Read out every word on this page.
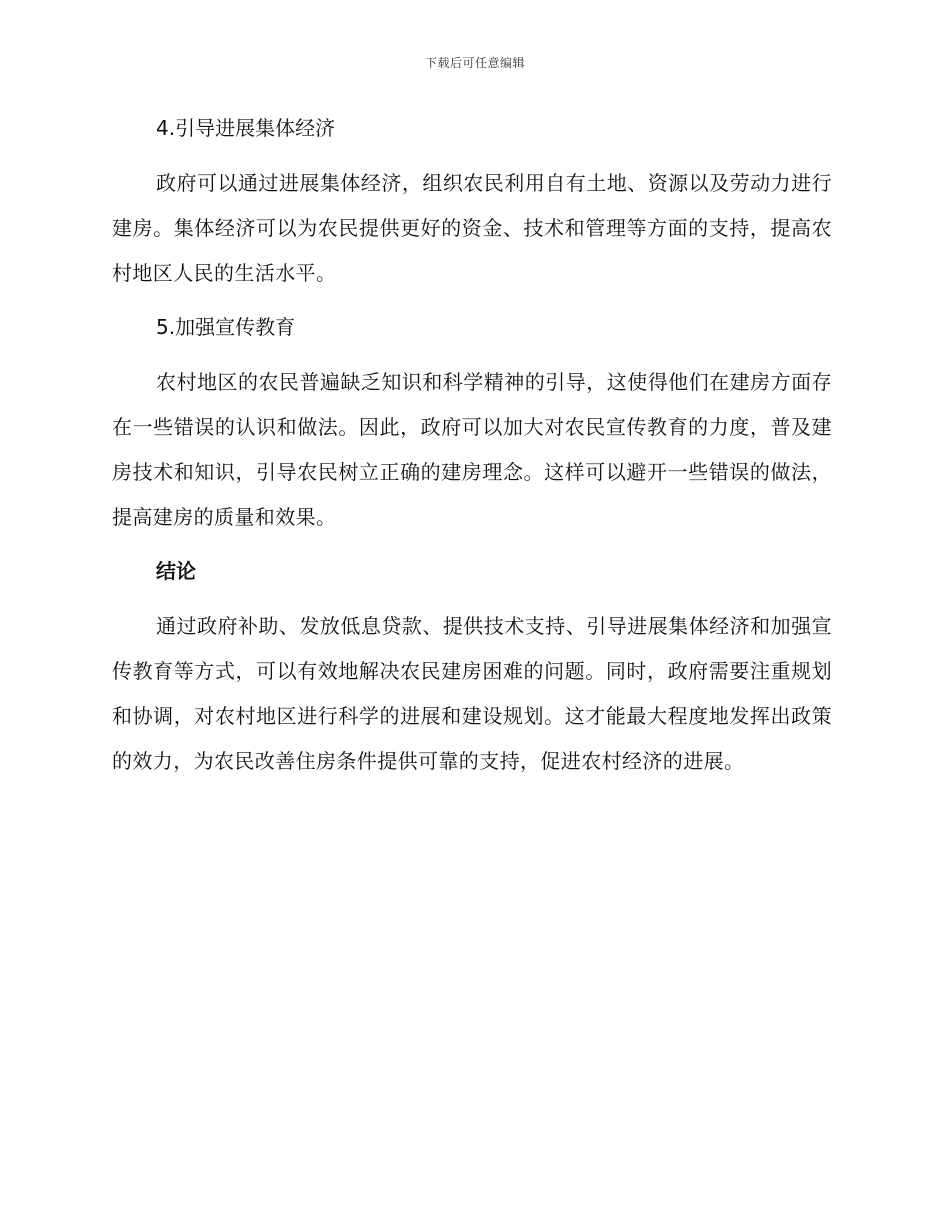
下载后可任意编辑
4.引导进展集体经济

政府可以通过进展集体经济，组织农民利用自有土地、资源以及劳动力进行建房。集体经济可以为农民提供更好的资金、技术和管理等方面的支持，提高农村地区人民的生活水平。

5.加强宣传教育

农村地区的农民普遍缺乏知识和科学精神的引导，这使得他们在建房方面存在一些错误的认识和做法。因此，政府可以加大对农民宣传教育的力度，普及建房技术和知识，引导农民树立正确的建房理念。这样可以避开一些错误的做法，提高建房的质量和效果。

结论

通过政府补助、发放低息贷款、提供技术支持、引导进展集体经济和加强宣传教育等方式，可以有效地解决农民建房困难的问题。同时，政府需要注重规划和协调，对农村地区进行科学的进展和建设规划。这才能最大程度地发挥出政策的效力，为农民改善住房条件提供可靠的支持，促进农村经济的进展。
